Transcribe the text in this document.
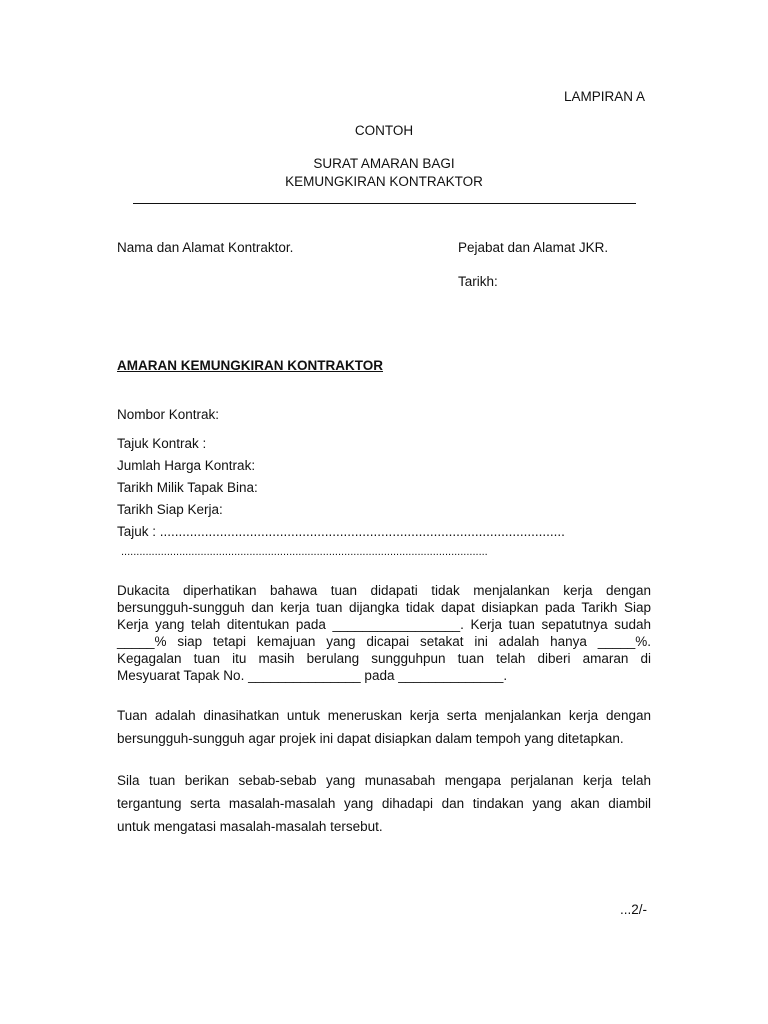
LAMPIRAN A
CONTOH
SURAT AMARAN BAGI
KEMUNGKIRAN KONTRAKTOR
Nama dan Alamat Kontraktor.	Pejabat dan Alamat JKR.
Tarikh:
AMARAN KEMUNGKIRAN KONTRAKTOR
Nombor Kontrak:
Tajuk Kontrak :
Jumlah Harga Kontrak:
Tarikh Milik Tapak Bina:
Tarikh Siap Kerja:
Tajuk : ............................................................................................................
........................................................................................................................
Dukacita diperhatikan bahawa tuan didapati tidak menjalankan kerja dengan
bersungguh-sungguh dan kerja tuan dijangka tidak dapat disiapkan pada Tarikh Siap
Kerja yang telah ditentukan pada _________________. Kerja tuan sepatutnya sudah
_____% siap tetapi kemajuan yang dicapai setakat ini adalah hanya _____%.
Kegagalan tuan itu masih berulang sungguhpun tuan telah diberi amaran di
Mesyuarat Tapak No. _______________ pada ______________.
Tuan adalah dinasihatkan untuk meneruskan kerja serta menjalankan kerja dengan
bersungguh-sungguh agar projek ini dapat disiapkan dalam tempoh yang ditetapkan.
Sila tuan berikan sebab-sebab yang munasabah mengapa perjalanan kerja telah
tergantung serta masalah-masalah yang dihadapi dan tindakan yang akan diambil
untuk mengatasi masalah-masalah tersebut.
...2/-
